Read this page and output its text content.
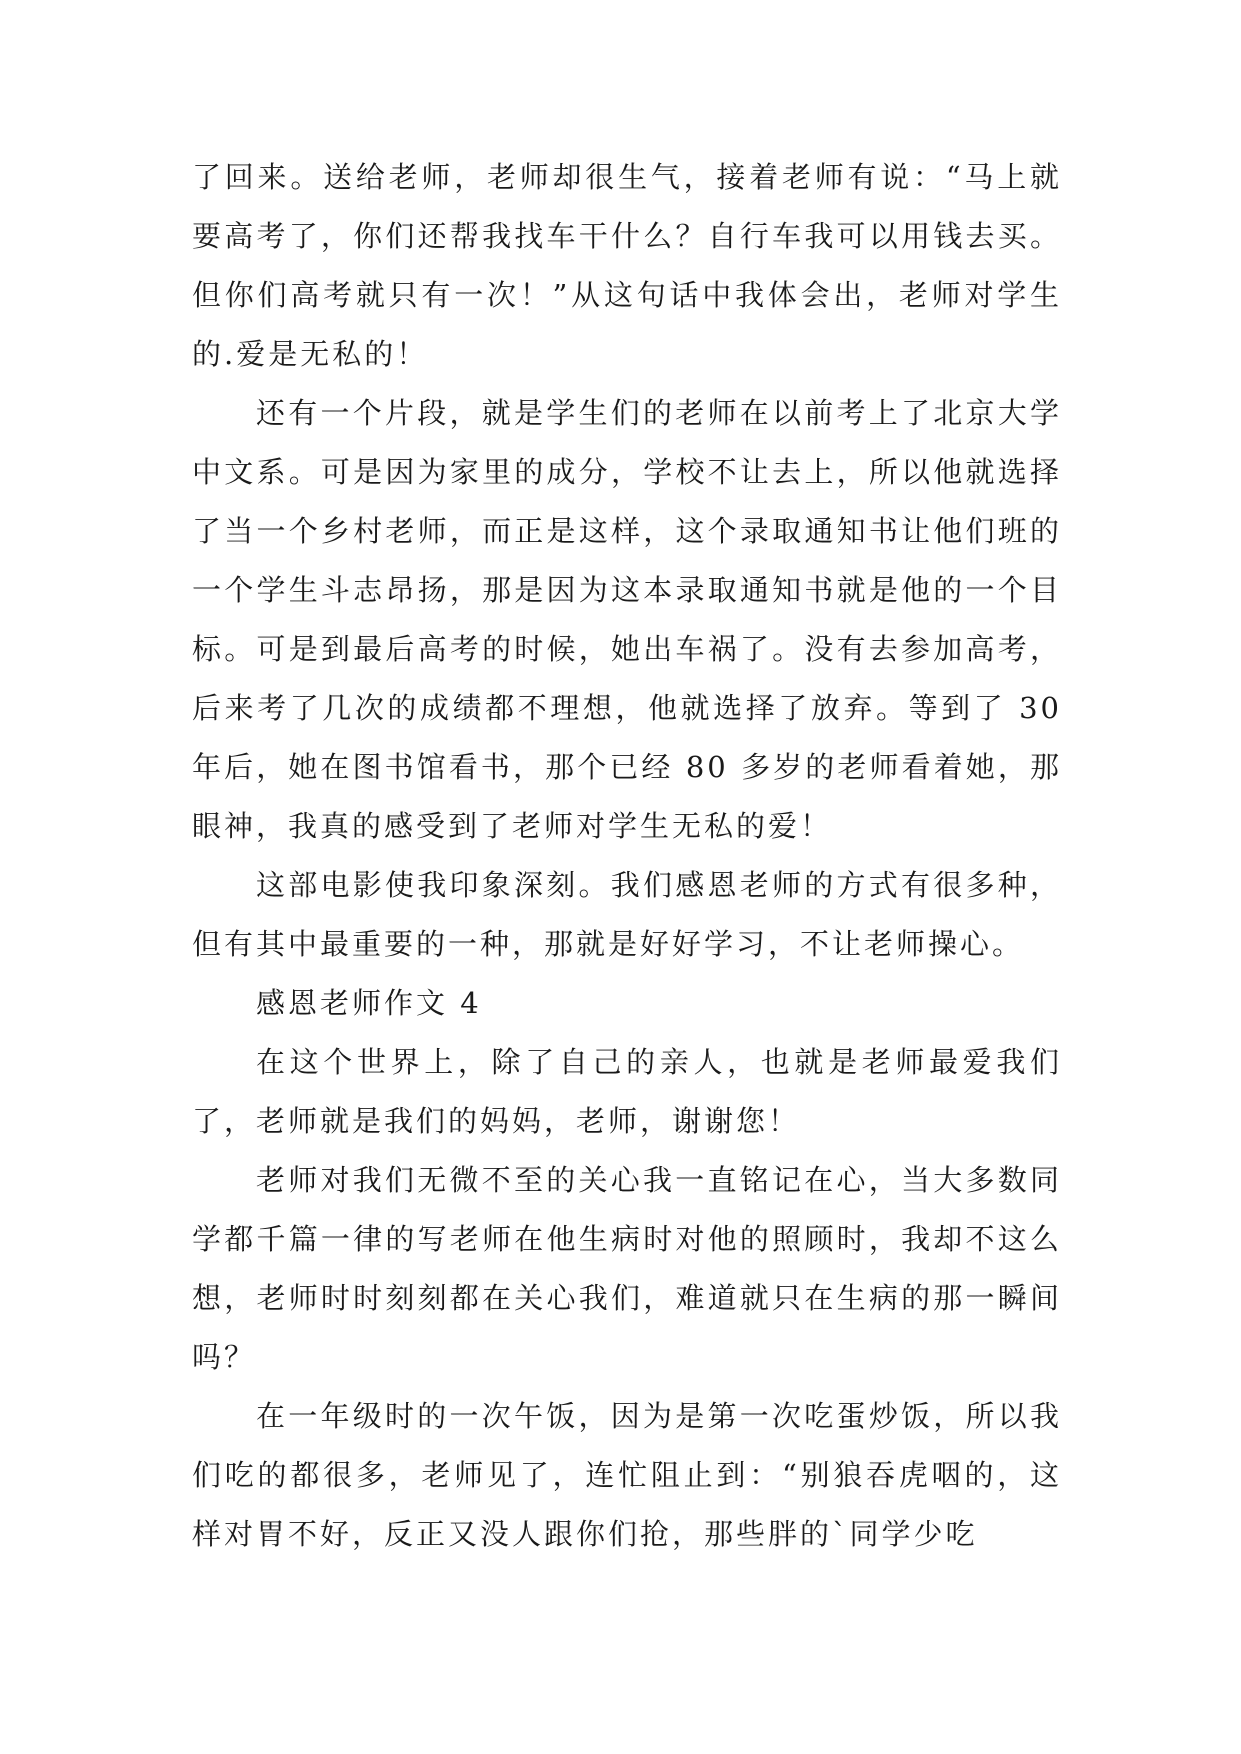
了回来。送给老师，老师却很生气，接着老师有说：“马上就要高考了，你们还帮我找车干什么？自行车我可以用钱去买。但你们高考就只有一次！”从这句话中我体会出，老师对学生的.爱是无私的！

还有一个片段，就是学生们的老师在以前考上了北京大学中文系。可是因为家里的成分，学校不让去上，所以他就选择了当一个乡村老师，而正是这样，这个录取通知书让他们班的一个学生斗志昂扬，那是因为这本录取通知书就是他的一个目标。可是到最后高考的时候，她出车祸了。没有去参加高考，后来考了几次的成绩都不理想，他就选择了放弃。等到了 30 年后，她在图书馆看书，那个已经 80 多岁的老师看着她，那眼神，我真的感受到了老师对学生无私的爱！

这部电影使我印象深刻。我们感恩老师的方式有很多种，但有其中最重要的一种，那就是好好学习，不让老师操心。

感恩老师作文 4

在这个世界上，除了自己的亲人，也就是老师最爱我们了，老师就是我们的妈妈，老师，谢谢您！

老师对我们无微不至的关心我一直铭记在心，当大多数同学都千篇一律的写老师在他生病时对他的照顾时，我却不这么想，老师时时刻刻都在关心我们，难道就只在生病的那一瞬间吗？

在一年级时的一次午饭，因为是第一次吃蛋炒饭，所以我们吃的都很多，老师见了，连忙阻止到：“别狼吞虎咽的，这样对胃不好，反正又没人跟你们抢，那些胖的`同学少吃
